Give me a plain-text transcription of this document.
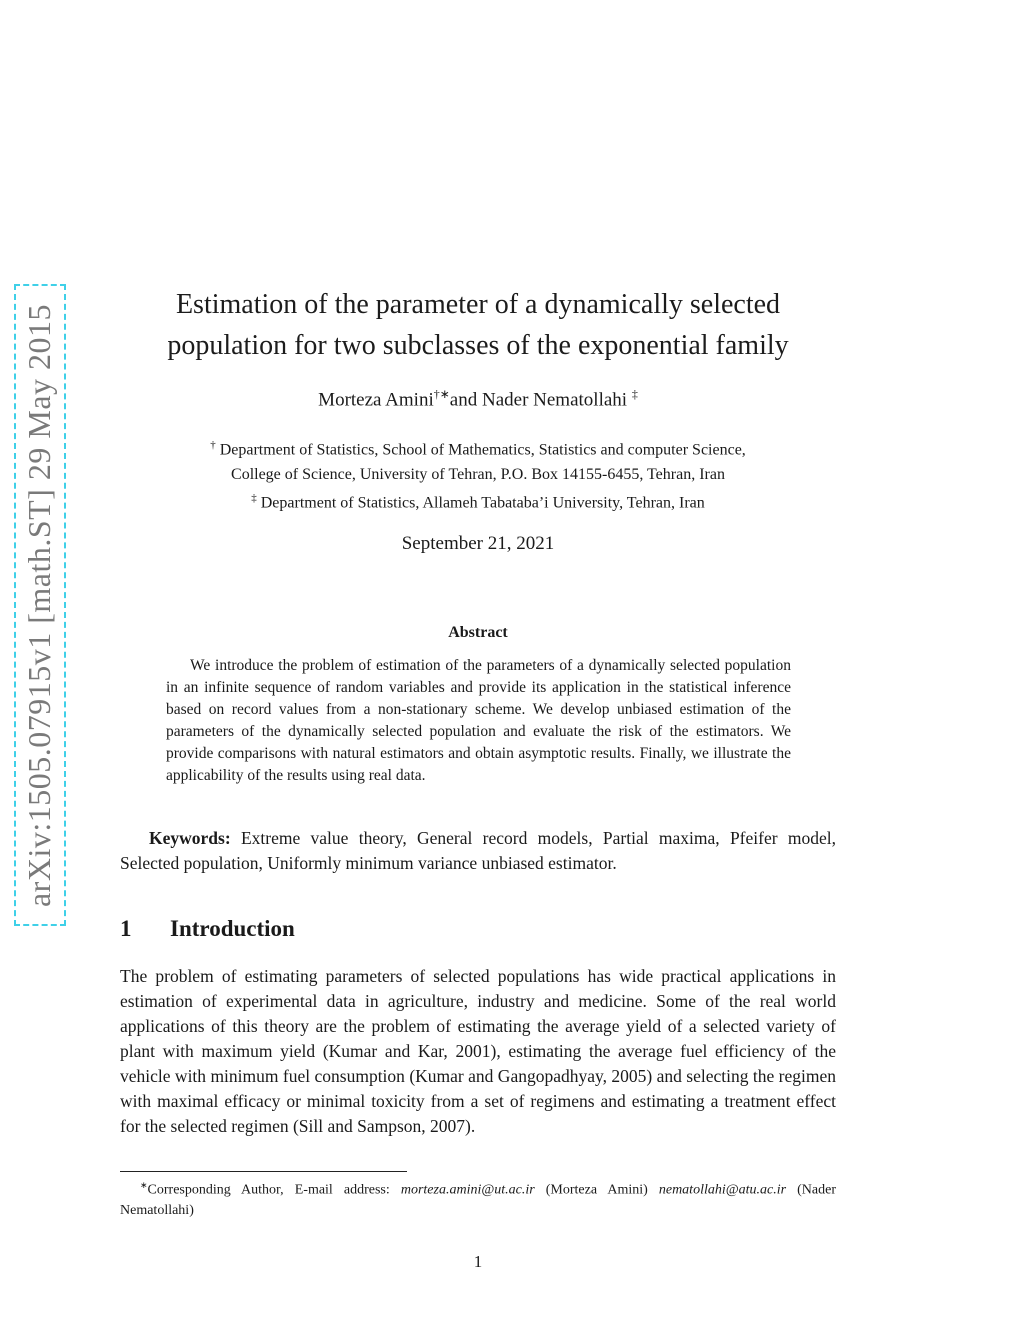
arXiv:1505.07915v1 [math.ST] 29 May 2015	Estimation of the parameter of a dynamically selected
population for two subclasses of the exponential family
Morteza Amini†∗and Nader Nematollahi ‡
† Department of Statistics, School of Mathematics, Statistics and computer Science,
College of Science, University of Tehran, P.O. Box 14155-6455, Tehran, Iran
‡ Department of Statistics, Allameh Tabataba’i University, Tehran, Iran
September 21, 2021
Abstract

We introduce the problem of estimation of the parameters of a dynamically selected population in an infinite sequence of random variables and provide its application in the statistical inference based on record values from a non-stationary scheme. We develop unbiased estimation of the parameters of the dynamically selected population and evaluate the risk of the estimators. We provide comparisons with natural estimators and obtain asymptotic results. Finally, we illustrate the applicability of the results using real data.

Keywords: Extreme value theory, General record models, Partial maxima, Pfeifer model, Selected population, Uniformly minimum variance unbiased estimator.

1 Introduction

The problem of estimating parameters of selected populations has wide practical applications in estimation of experimental data in agriculture, industry and medicine. Some of the real world applications of this theory are the problem of estimating the average yield of a selected variety of plant with maximum yield (Kumar and Kar, 2001), estimating the average fuel efficiency of the vehicle with minimum fuel consumption (Kumar and Gangopadhyay, 2005) and selecting the regimen with maximal efficacy or minimal toxicity from a set of regimens and estimating a treatment effect for the selected regimen (Sill and Sampson, 2007).

∗Corresponding Author, E-mail address: morteza.amini@ut.ac.ir (Morteza Amini) nematollahi@atu.ac.ir (Nader Nematollahi)

1
